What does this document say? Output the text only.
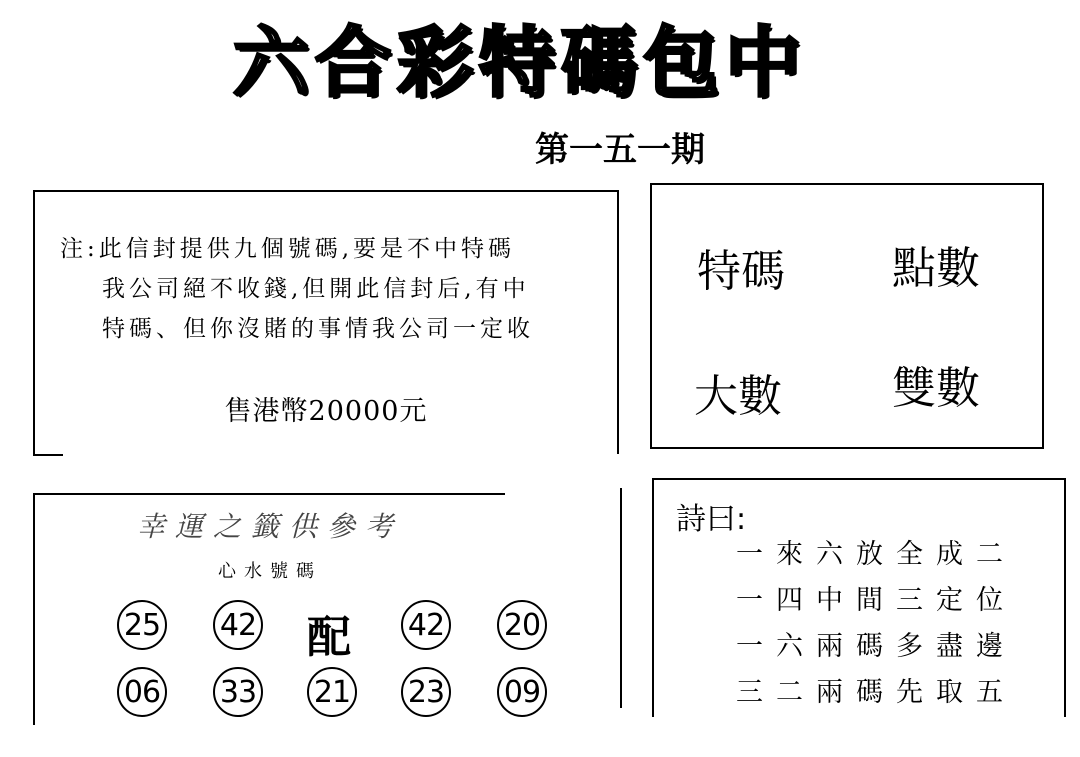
六合彩特碼包中
第一五一期
注:此信封提供九個號碼,要是不中特碼
我公司絕不收錢,但開此信封后,有中
特碼、但你沒賭的事情我公司一定收
售港幣20000元
特碼 點數
大數	雙數
幸運之籤供參考
心水號碼
25 42 配 42 20
06 33 21 23 09
詩曰:
一來六放全成二
一四中間三定位
一六兩碼多盡邊
三二兩碼先取五
